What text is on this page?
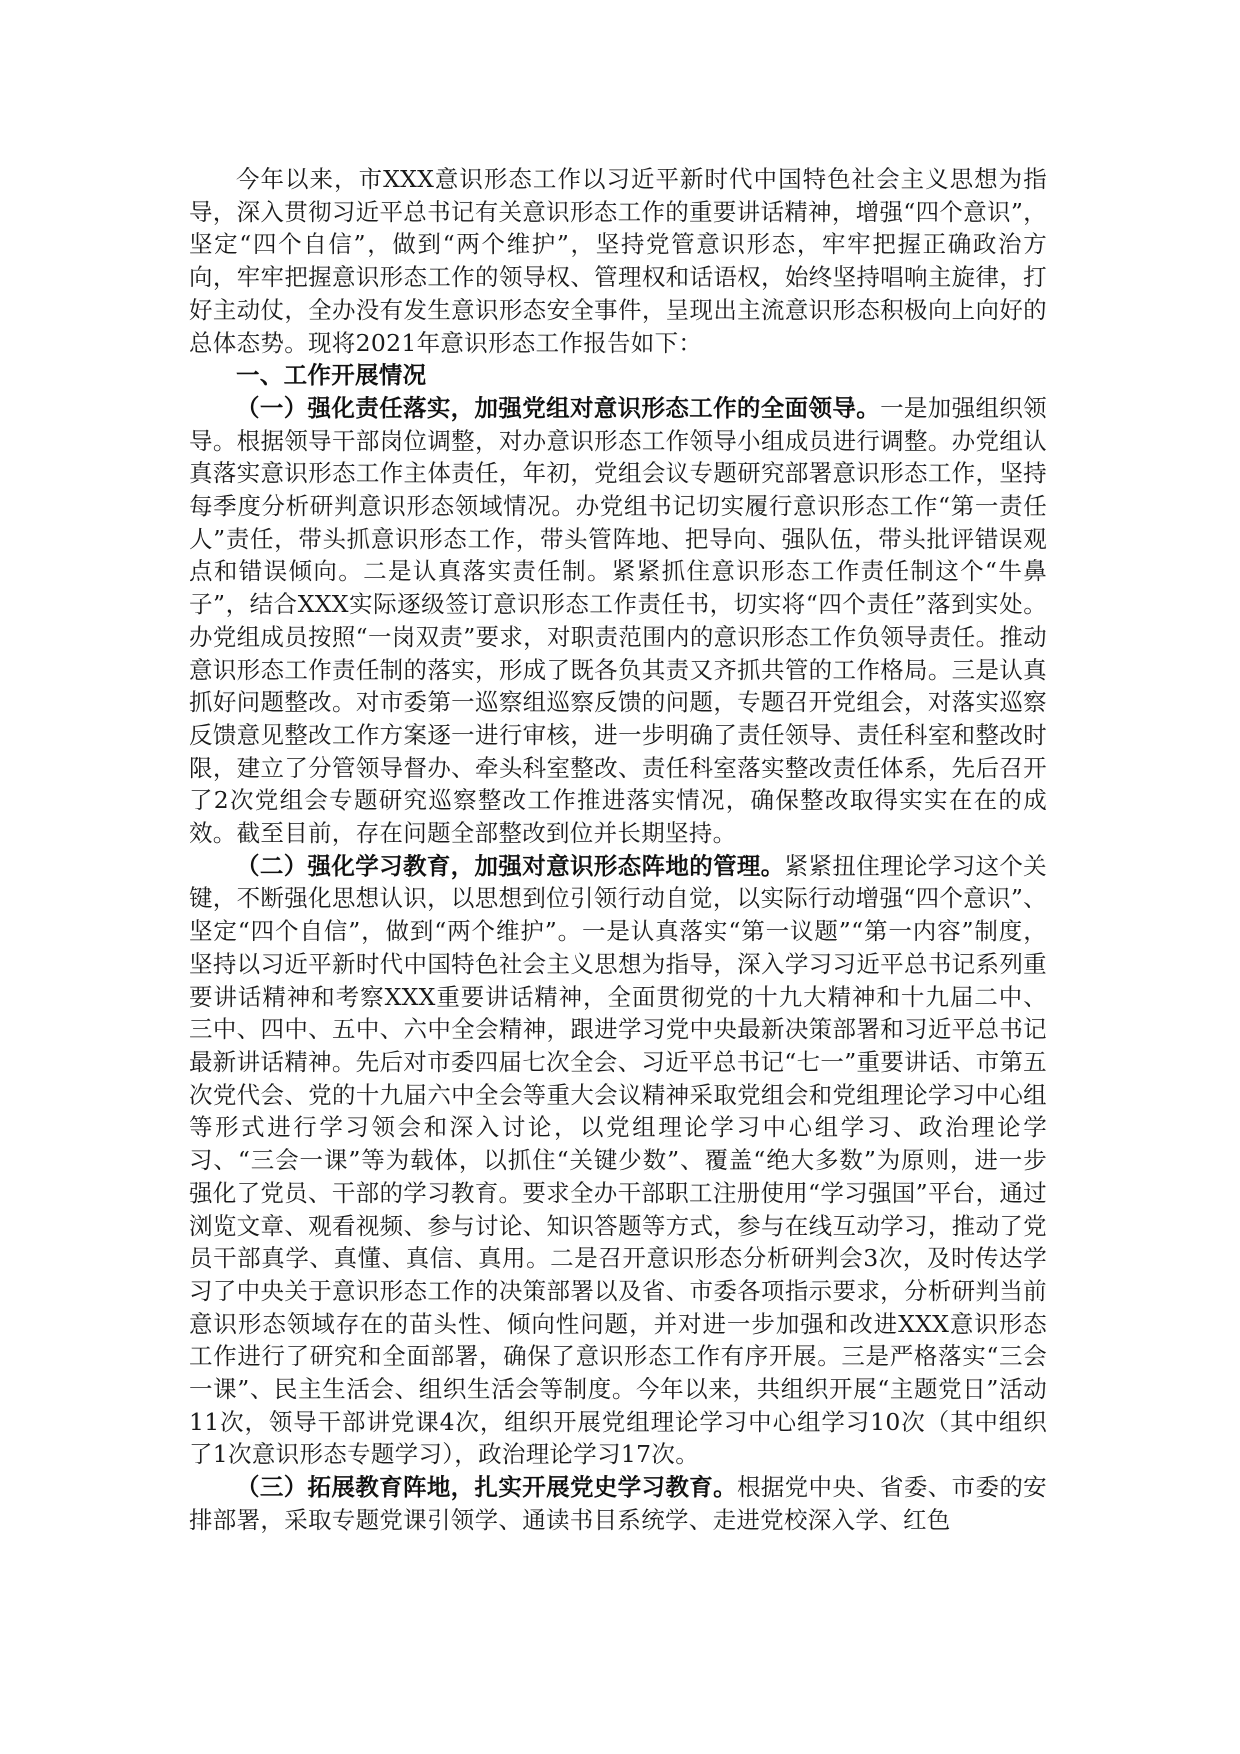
今年以来，市XXX意识形态工作以习近平新时代中国特色社会主义思想为指导，深入贯彻习近平总书记有关意识形态工作的重要讲话精神，增强“四个意识”，坚定“四个自信”，做到“两个维护”，坚持党管意识形态，牢牢把握正确政治方向，牢牢把握意识形态工作的领导权、管理权和话语权，始终坚持唱响主旋律，打好主动仗，全办没有发生意识形态安全事件，呈现出主流意识形态积极向上向好的总体态势。现将2021年意识形态工作报告如下：

一、工作开展情况

（一）强化责任落实，加强党组对意识形态工作的全面领导。一是加强组织领导。根据领导干部岗位调整，对办意识形态工作领导小组成员进行调整。办党组认真落实意识形态工作主体责任，年初，党组会议专题研究部署意识形态工作，坚持每季度分析研判意识形态领域情况。办党组书记切实履行意识形态工作“第一责任人”责任，带头抓意识形态工作，带头管阵地、把导向、强队伍，带头批评错误观点和错误倾向。二是认真落实责任制。紧紧抓住意识形态工作责任制这个“牛鼻子”，结合XXX实际逐级签订意识形态工作责任书，切实将“四个责任”落到实处。办党组成员按照“一岗双责”要求，对职责范围内的意识形态工作负领导责任。推动意识形态工作责任制的落实，形成了既各负其责又齐抓共管的工作格局。三是认真抓好问题整改。对市委第一巡察组巡察反馈的问题，专题召开党组会，对落实巡察反馈意见整改工作方案逐一进行审核，进一步明确了责任领导、责任科室和整改时限，建立了分管领导督办、牵头科室整改、责任科室落实整改责任体系，先后召开了2次党组会专题研究巡察整改工作推进落实情况，确保整改取得实实在在的成效。截至目前，存在问题全部整改到位并长期坚持。

（二）强化学习教育，加强对意识形态阵地的管理。紧紧扭住理论学习这个关键，不断强化思想认识，以思想到位引领行动自觉，以实际行动增强“四个意识”、坚定“四个自信”，做到“两个维护”。一是认真落实“第一议题”“第一内容”制度，坚持以习近平新时代中国特色社会主义思想为指导，深入学习习近平总书记系列重要讲话精神和考察XXX重要讲话精神，全面贯彻党的十九大精神和十九届二中、三中、四中、五中、六中全会精神，跟进学习党中央最新决策部署和习近平总书记最新讲话精神。先后对市委四届七次全会、习近平总书记“七一”重要讲话、市第五次党代会、党的十九届六中全会等重大会议精神采取党组会和党组理论学习中心组等形式进行学习领会和深入讨论，以党组理论学习中心组学习、政治理论学习、“三会一课”等为载体，以抓住“关键少数”、覆盖“绝大多数”为原则，进一步强化了党员、干部的学习教育。要求全办干部职工注册使用“学习强国”平台，通过浏览文章、观看视频、参与讨论、知识答题等方式，参与在线互动学习，推动了党员干部真学、真懂、真信、真用。二是召开意识形态分析研判会3次，及时传达学习了中央关于意识形态工作的决策部署以及省、市委各项指示要求，分析研判当前意识形态领域存在的苗头性、倾向性问题，并对进一步加强和改进XXX意识形态工作进行了研究和全面部署，确保了意识形态工作有序开展。三是严格落实“三会一课”、民主生活会、组织生活会等制度。今年以来，共组织开展“主题党日”活动11次，领导干部讲党课4次，组织开展党组理论学习中心组学习10次（其中组织了1次意识形态专题学习），政治理论学习17次。

（三）拓展教育阵地，扎实开展党史学习教育。根据党中央、省委、市委的安排部署，采取专题党课引领学、通读书目系统学、走进党校深入学、红色
